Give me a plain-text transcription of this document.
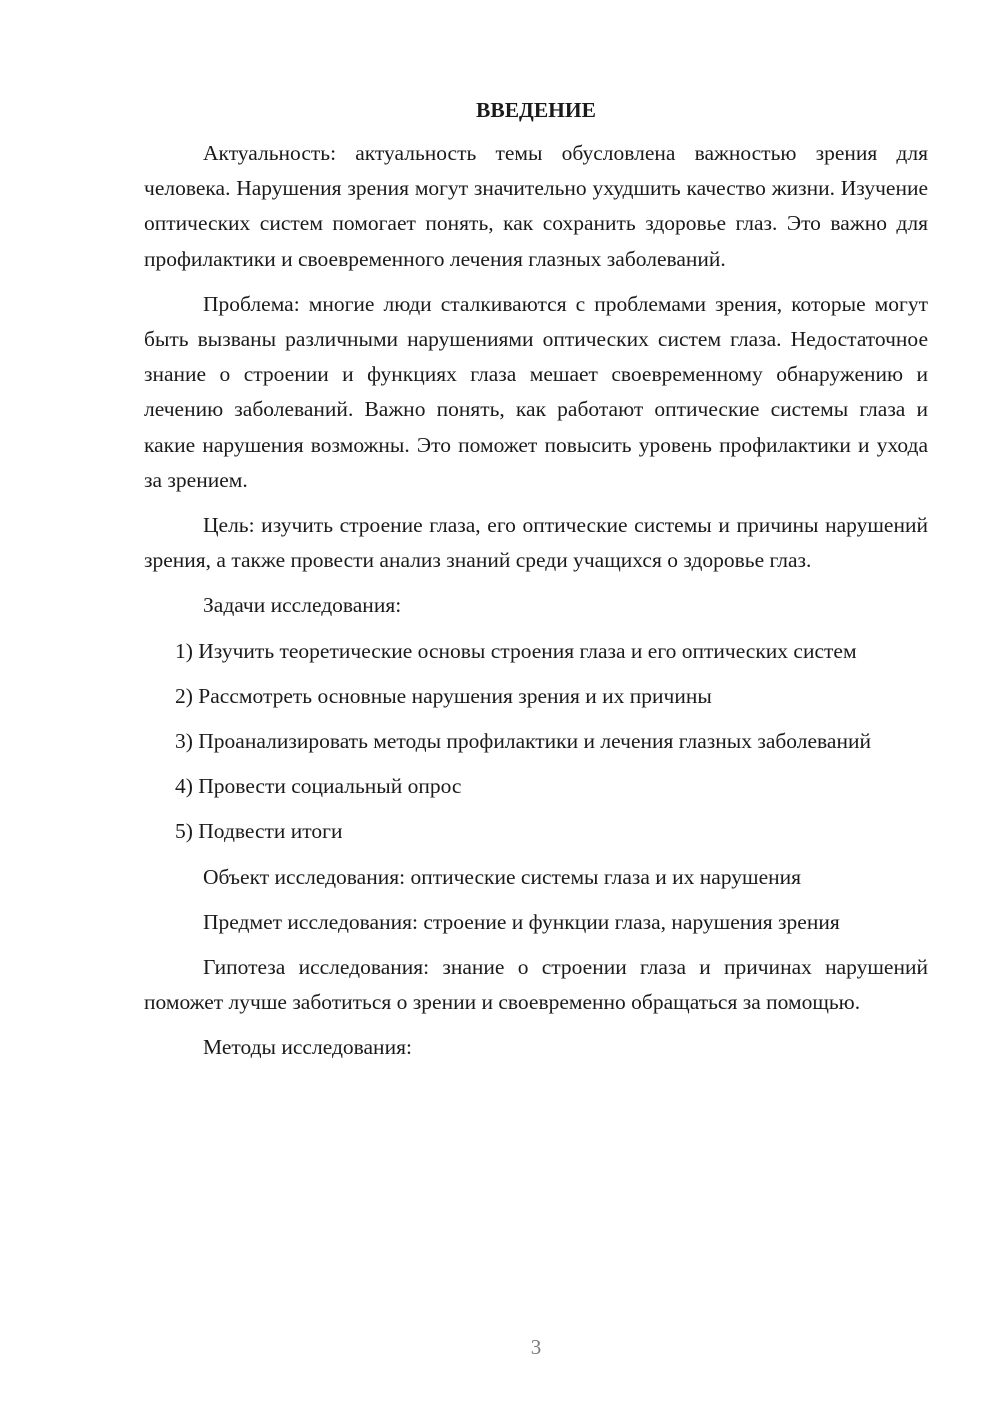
ВВЕДЕНИЕ

Актуальность: актуальность темы обусловлена важностью зрения для человека. Нарушения зрения могут значительно ухудшить качество жизни. Изучение оптических систем помогает понять, как сохранить здоровье глаз. Это важно для профилактики и своевременного лечения глазных заболеваний.

Проблема: многие люди сталкиваются с проблемами зрения, которые могут быть вызваны различными нарушениями оптических систем глаза. Недостаточное знание о строении и функциях глаза мешает своевременному обнаружению и лечению заболеваний. Важно понять, как работают оптические системы глаза и какие нарушения возможны. Это поможет повысить уровень профилактики и ухода за зрением.

Цель: изучить строение глаза, его оптические системы и причины нарушений зрения, а также провести анализ знаний среди учащихся о здоровье глаз.

Задачи исследования:

1) Изучить теоретические основы строения глаза и его оптических систем

2) Рассмотреть основные нарушения зрения и их причины

3) Проанализировать методы профилактики и лечения глазных заболеваний

4) Провести социальный опрос

5) Подвести итоги

Объект исследования: оптические системы глаза и их нарушения

Предмет исследования: строение и функции глаза, нарушения зрения

Гипотеза исследования: знание о строении глаза и причинах нарушений поможет лучше заботиться о зрении и своевременно обращаться за помощью.

Методы исследования:

3
